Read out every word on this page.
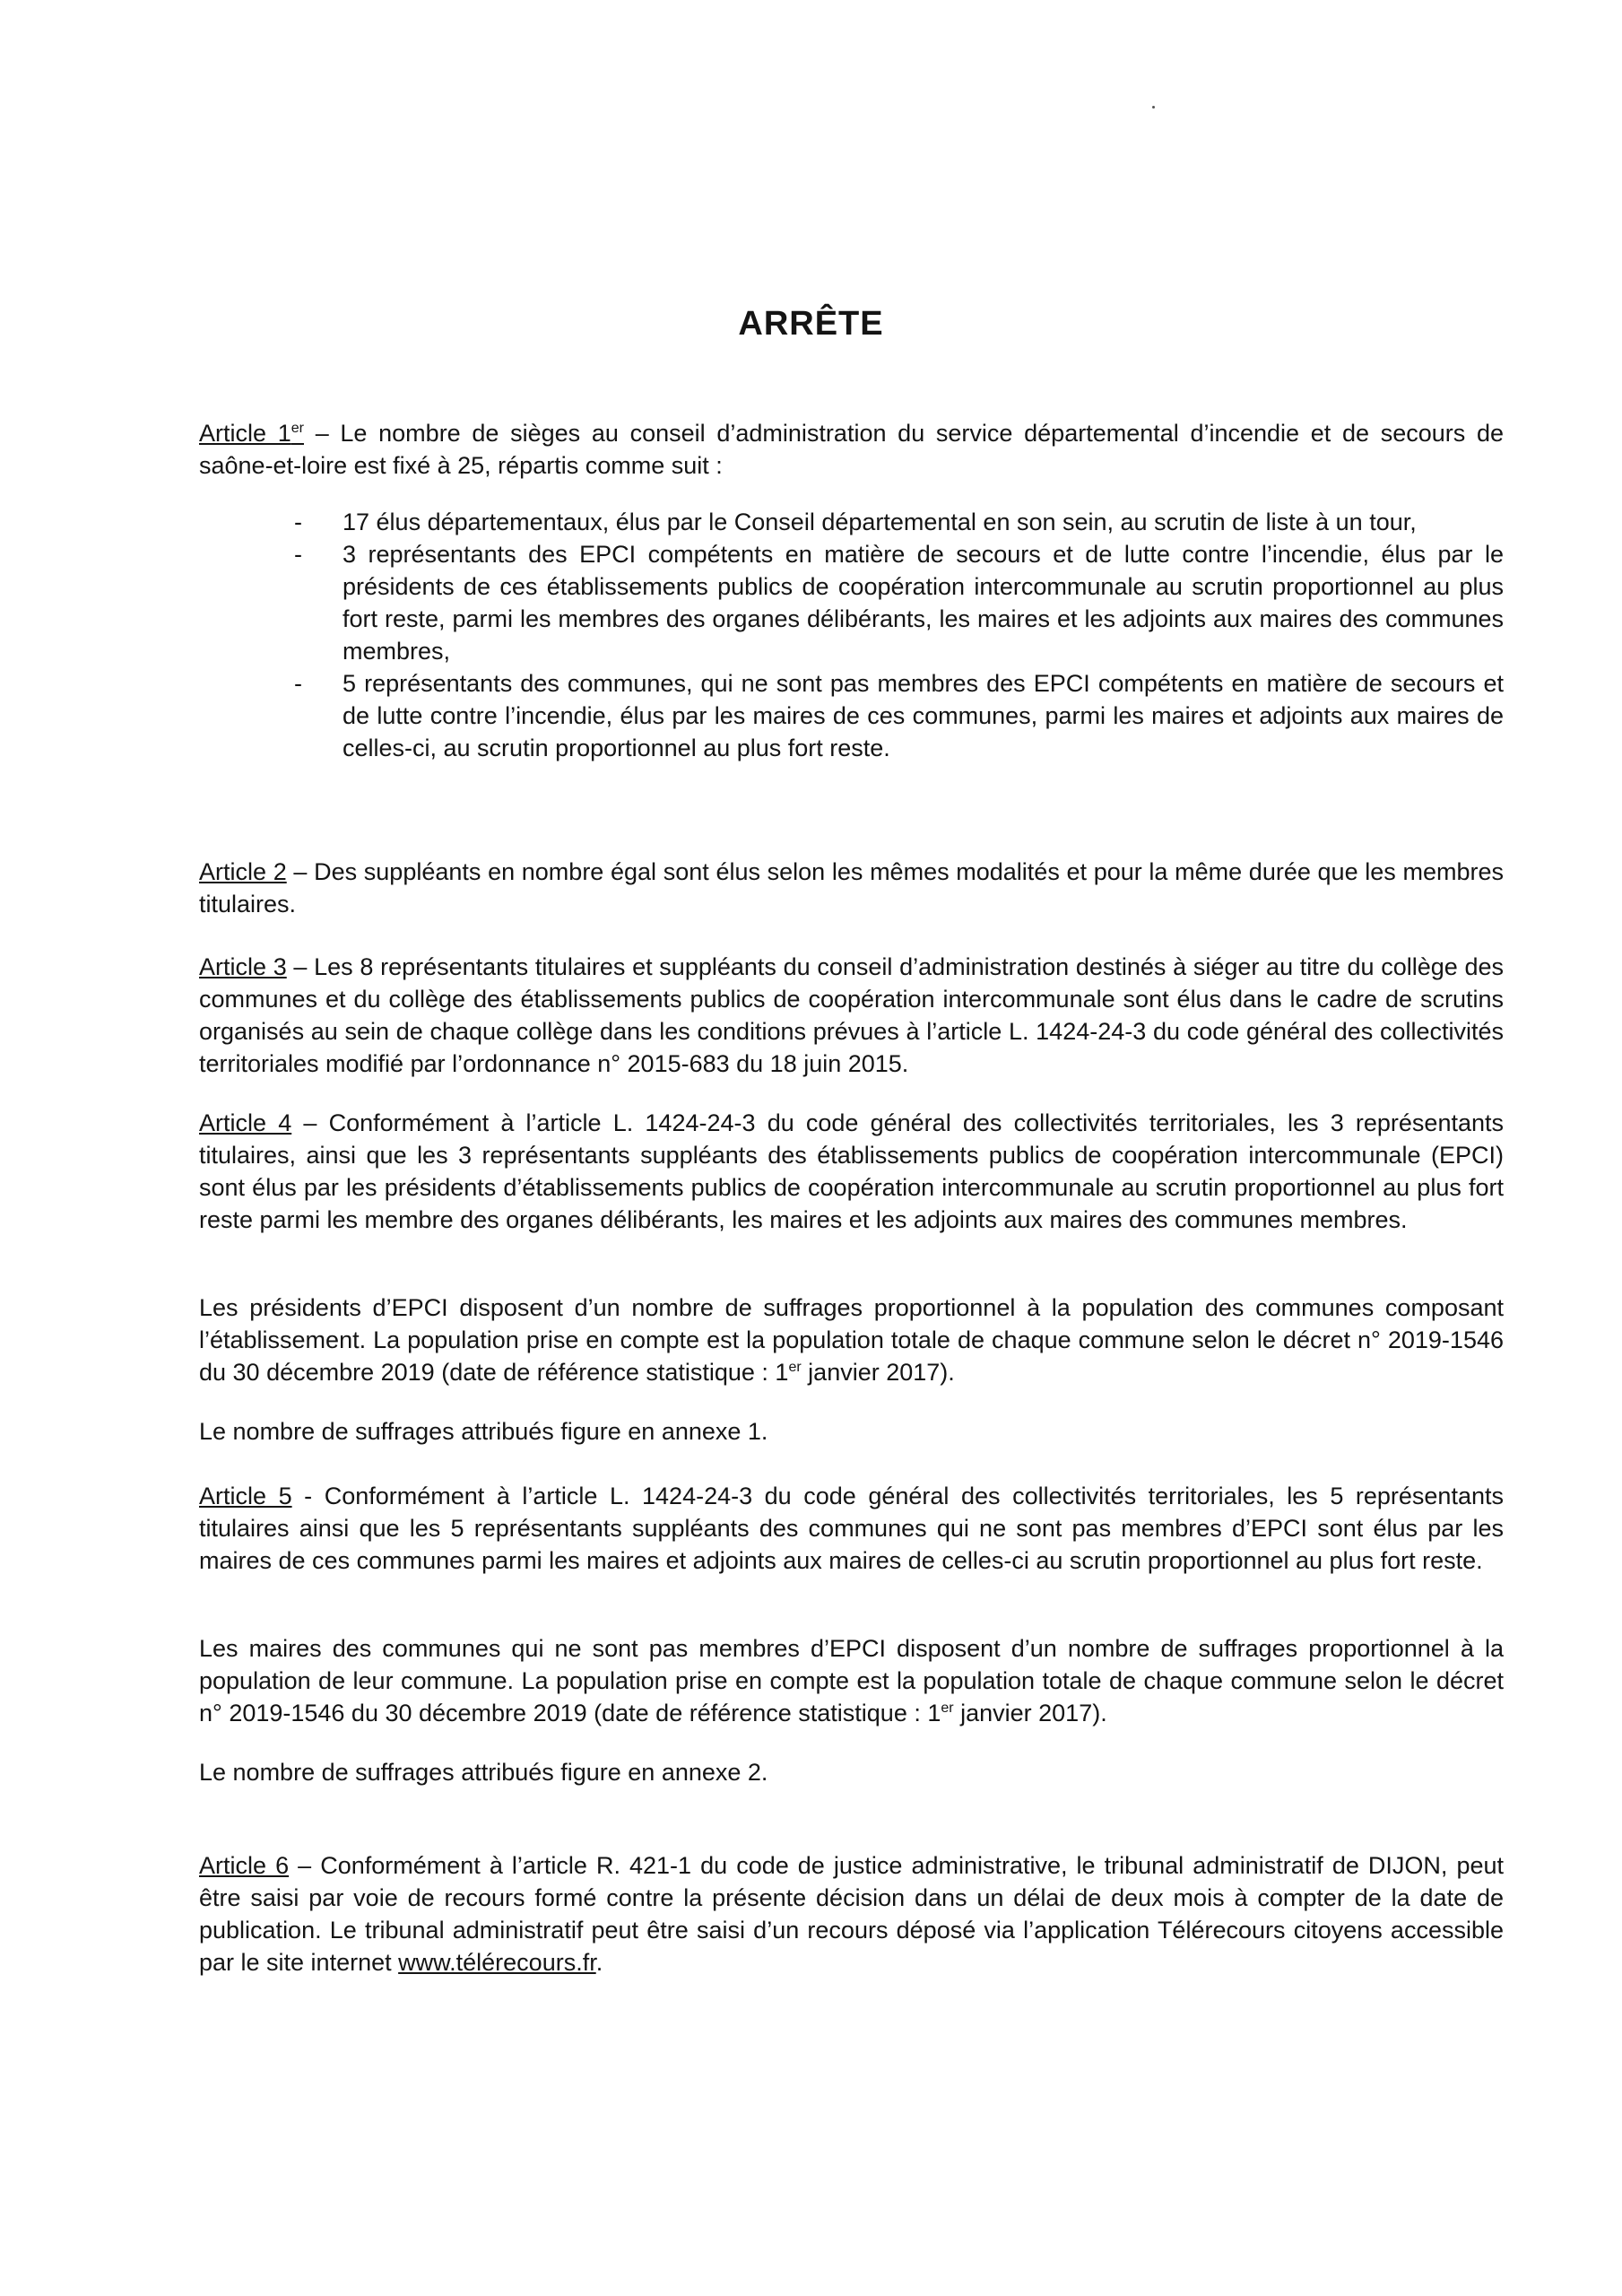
ARRÊTE
Article 1er – Le nombre de sièges au conseil d’administration du service départemental d’incendie et de secours de saône-et-loire est fixé à 25, répartis comme suit :
- 17 élus départementaux, élus par le Conseil départemental en son sein, au scrutin de liste à un tour,
- 3 représentants des EPCI compétents en matière de secours et de lutte contre l’incendie, élus par le présidents de ces établissements publics de coopération intercommunale au scrutin proportionnel au plus fort reste, parmi les membres des organes délibérants, les maires et les adjoints aux maires des communes membres,
- 5 représentants des communes, qui ne sont pas membres des EPCI compétents en matière de secours et de lutte contre l’incendie, élus par les maires de ces communes, parmi les maires et adjoints aux maires de celles-ci, au scrutin proportionnel au plus fort reste.
Article 2 – Des suppléants en nombre égal sont élus selon les mêmes modalités et pour la même durée que les membres titulaires.
Article 3 – Les 8 représentants titulaires et suppléants du conseil d’administration destinés à siéger au titre du collège des communes et du collège des établissements publics de coopération intercommunale sont élus dans le cadre de scrutins organisés au sein de chaque collège dans les conditions prévues à l’article L. 1424-24-3 du code général des collectivités territoriales modifié par l’ordonnance n° 2015-683 du 18 juin 2015.
Article 4 – Conformément à l’article L. 1424-24-3 du code général des collectivités territoriales, les 3 représentants titulaires, ainsi que les 3 représentants suppléants des établissements publics de coopération intercommunale (EPCI) sont élus par les présidents d’établissements publics de coopération intercommunale au scrutin proportionnel au plus fort reste parmi les membre des organes délibérants, les maires et les adjoints aux maires des communes membres.
Les présidents d’EPCI disposent d’un nombre de suffrages proportionnel à la population des communes composant l’établissement. La population prise en compte est la population totale de chaque commune selon le décret n° 2019-1546 du 30 décembre 2019 (date de référence statistique : 1er janvier 2017).
Le nombre de suffrages attribués figure en annexe 1.
Article 5 - Conformément à l’article L. 1424-24-3 du code général des collectivités territoriales, les 5 représentants titulaires ainsi que les 5 représentants suppléants des communes qui ne sont pas membres d’EPCI sont élus par les maires de ces communes parmi les maires et adjoints aux maires de celles-ci au scrutin proportionnel au plus fort reste.
Les maires des communes qui ne sont pas membres d’EPCI disposent d’un nombre de suffrages proportionnel à la population de leur commune. La population prise en compte est la population totale de chaque commune selon le décret n° 2019-1546 du 30 décembre 2019 (date de référence statistique : 1er janvier 2017).
Le nombre de suffrages attribués figure en annexe 2.
Article 6 – Conformément à l’article R. 421-1 du code de justice administrative, le tribunal administratif de DIJON, peut être saisi par voie de recours formé contre la présente décision dans un délai de deux mois à compter de la date de publication. Le tribunal administratif peut être saisi d’un recours déposé via l’application Télérecours citoyens accessible par le site internet www.télérecours.fr.
